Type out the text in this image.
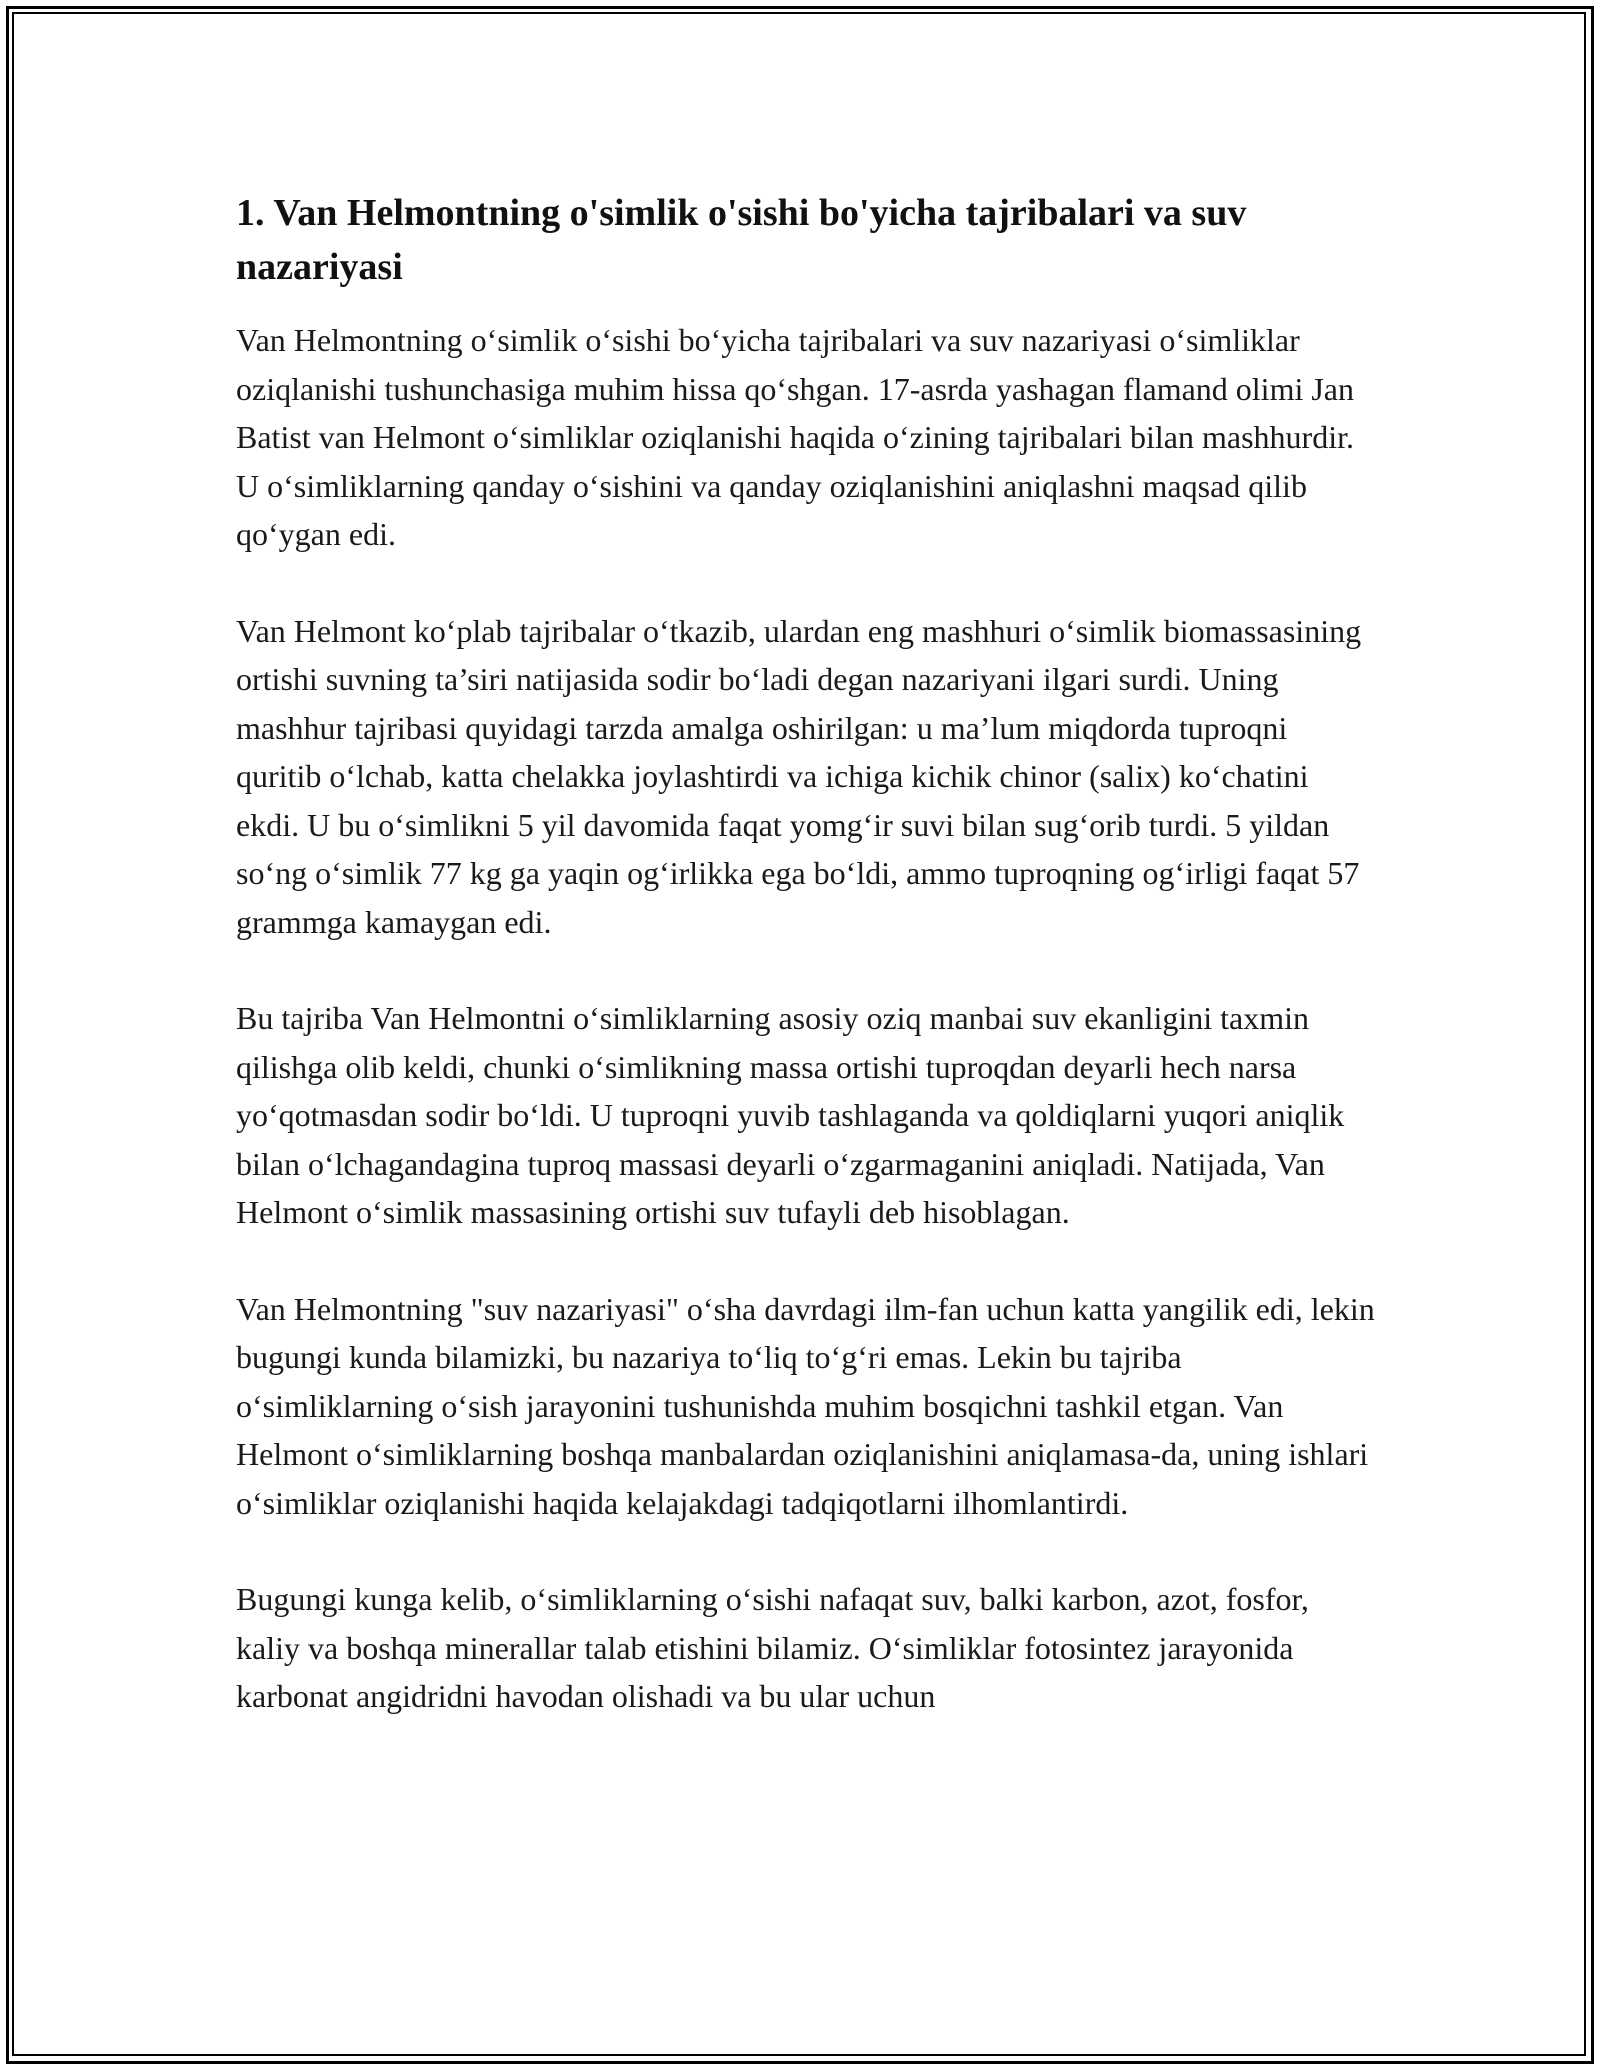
1. Van Helmontning o'simlik o'sishi bo'yicha tajribalari va suv nazariyasi

Van Helmontning o‘simlik o‘sishi bo‘yicha tajribalari va suv nazariyasi o‘simliklar oziqlanishi tushunchasiga muhim hissa qo‘shgan. 17-asrda yashagan flamand olimi Jan Batist van Helmont o‘simliklar oziqlanishi haqida o‘zining tajribalari bilan mashhurdir. U o‘simliklarning qanday o‘sishini va qanday oziqlanishini aniqlashni maqsad qilib qo‘ygan edi.

Van Helmont ko‘plab tajribalar o‘tkazib, ulardan eng mashhuri o‘simlik biomassasining ortishi suvning ta’siri natijasida sodir bo‘ladi degan nazariyani ilgari surdi. Uning mashhur tajribasi quyidagi tarzda amalga oshirilgan: u ma’lum miqdorda tuproqni quritib o‘lchab, katta chelakka joylashtirdi va ichiga kichik chinor (salix) ko‘chatini ekdi. U bu o‘simlikni 5 yil davomida faqat yomg‘ir suvi bilan sug‘orib turdi. 5 yildan so‘ng o‘simlik 77 kg ga yaqin og‘irlikka ega bo‘ldi, ammo tuproqning og‘irligi faqat 57 grammga kamaygan edi.

Bu tajriba Van Helmontni o‘simliklarning asosiy oziq manbai suv ekanligini taxmin qilishga olib keldi, chunki o‘simlikning massa ortishi tuproqdan deyarli hech narsa yo‘qotmasdan sodir bo‘ldi. U tuproqni yuvib tashlaganda va qoldiqlarni yuqori aniqlik bilan o‘lchagandagina tuproq massasi deyarli o‘zgarmaganini aniqladi. Natijada, Van Helmont o‘simlik massasining ortishi suv tufayli deb hisoblagan.

Van Helmontning "suv nazariyasi" o‘sha davrdagi ilm-fan uchun katta yangilik edi, lekin bugungi kunda bilamizki, bu nazariya to‘liq to‘g‘ri emas. Lekin bu tajriba o‘simliklarning o‘sish jarayonini tushunishda muhim bosqichni tashkil etgan. Van Helmont o‘simliklarning boshqa manbalardan oziqlanishini aniqlamasa-da, uning ishlari o‘simliklar oziqlanishi haqida kelajakdagi tadqiqotlarni ilhomlantirdi.

Bugungi kunga kelib, o‘simliklarning o‘sishi nafaqat suv, balki karbon, azot, fosfor, kaliy va boshqa minerallar talab etishini bilamiz. O‘simliklar fotosintez jarayonida karbonat angidridni havodan olishadi va bu ular uchun
